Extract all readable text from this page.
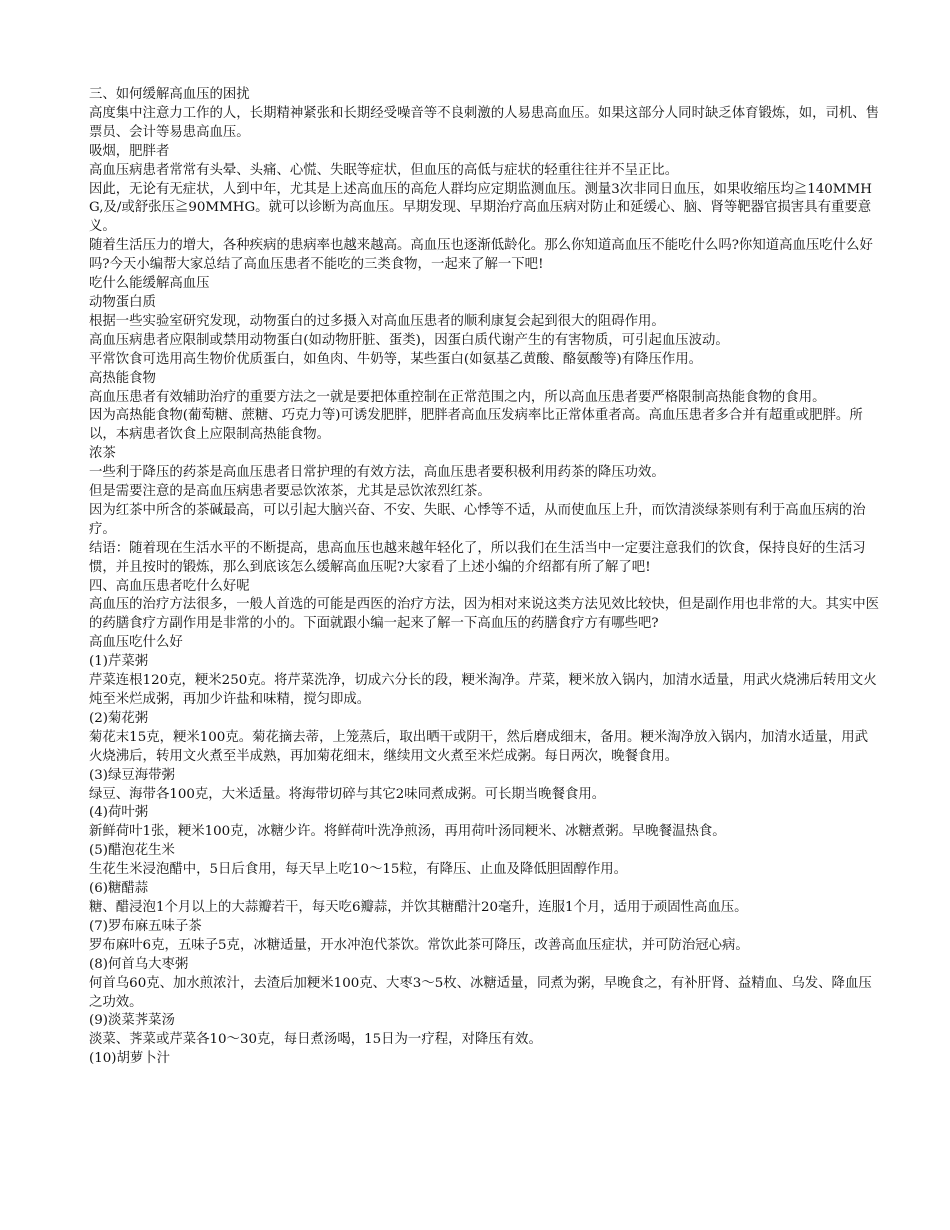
三、如何缓解高血压的困扰

高度集中注意力工作的人，长期精神紧张和长期经受噪音等不良刺激的人易患高血压。如果这部分人同时缺乏体育锻炼，如，司机、售票员、会计等易患高血压。

吸烟，肥胖者

高血压病患者常常有头晕、头痛、心慌、失眠等症状，但血压的高低与症状的轻重往往并不呈正比。

因此，无论有无症状，人到中年，尤其是上述高血压的高危人群均应定期监测血压。测量3次非同日血压，如果收缩压均≧140MMHG,及/或舒张压≧90MMHG。就可以诊断为高血压。早期发现、早期治疗高血压病对防止和延缓心、脑、肾等靶器官损害具有重要意义。

随着生活压力的增大，各种疾病的患病率也越来越高。高血压也逐渐低龄化。那么你知道高血压不能吃什么吗?你知道高血压吃什么好吗?今天小编帮大家总结了高血压患者不能吃的三类食物，一起来了解一下吧!

吃什么能缓解高血压

动物蛋白质

根据一些实验室研究发现，动物蛋白的过多摄入对高血压患者的顺利康复会起到很大的阻碍作用。

高血压病患者应限制或禁用动物蛋白(如动物肝脏、蛋类)，因蛋白质代谢产生的有害物质，可引起血压波动。

平常饮食可选用高生物价优质蛋白，如鱼肉、牛奶等，某些蛋白(如氨基乙黄酸、酪氨酸等)有降压作用。

高热能食物

高血压患者有效辅助治疗的重要方法之一就是要把体重控制在正常范围之内，所以高血压患者要严格限制高热能食物的食用。

因为高热能食物(葡萄糖、蔗糖、巧克力等)可诱发肥胖，肥胖者高血压发病率比正常体重者高。高血压患者多合并有超重或肥胖。所以，本病患者饮食上应限制高热能食物。

浓茶

一些利于降压的药茶是高血压患者日常护理的有效方法，高血压患者要积极利用药茶的降压功效。

但是需要注意的是高血压病患者要忌饮浓茶，尤其是忌饮浓烈红茶。

因为红茶中所含的茶碱最高，可以引起大脑兴奋、不安、失眠、心悸等不适，从而使血压上升，而饮清淡绿茶则有利于高血压病的治疗。

结语：随着现在生活水平的不断提高，患高血压也越来越年轻化了，所以我们在生活当中一定要注意我们的饮食，保持良好的生活习惯，并且按时的锻炼，那么到底该怎么缓解高血压呢?大家看了上述小编的介绍都有所了解了吧!

四、高血压患者吃什么好呢

高血压的治疗方法很多，一般人首选的可能是西医的治疗方法，因为相对来说这类方法见效比较快，但是副作用也非常的大。其实中医的药膳食疗方副作用是非常的小的。下面就跟小编一起来了解一下高血压的药膳食疗方有哪些吧?

高血压吃什么好

(1)芹菜粥

芹菜连根120克，粳米250克。将芹菜洗净，切成六分长的段，粳米淘净。芹菜，粳米放入锅内，加清水适量，用武火烧沸后转用文火炖至米烂成粥，再加少许盐和味精，搅匀即成。

(2)菊花粥

菊花末15克，粳米100克。菊花摘去蒂，上笼蒸后，取出晒干或阴干，然后磨成细末，备用。粳米淘净放入锅内，加清水适量，用武火烧沸后，转用文火煮至半成熟，再加菊花细末，继续用文火煮至米烂成粥。每日两次，晚餐食用。

(3)绿豆海带粥

绿豆、海带各100克，大米适量。将海带切碎与其它2味同煮成粥。可长期当晚餐食用。

(4)荷叶粥

新鲜荷叶1张，粳米100克，冰糖少许。将鲜荷叶洗净煎汤，再用荷叶汤同粳米、冰糖煮粥。早晚餐温热食。

(5)醋泡花生米

生花生米浸泡醋中，5日后食用，每天早上吃10～15粒，有降压、止血及降低胆固醇作用。

(6)糖醋蒜

糖、醋浸泡1个月以上的大蒜瓣若干，每天吃6瓣蒜，并饮其糖醋汁20毫升，连服1个月，适用于顽固性高血压。

(7)罗布麻五味子茶

罗布麻叶6克，五味子5克，冰糖适量，开水冲泡代茶饮。常饮此茶可降压，改善高血压症状，并可防治冠心病。

(8)何首乌大枣粥

何首乌60克、加水煎浓汁，去渣后加粳米100克、大枣3～5枚、冰糖适量，同煮为粥，早晚食之，有补肝肾、益精血、乌发、降血压之功效。

(9)淡菜荠菜汤

淡菜、荠菜或芹菜各10～30克，每日煮汤喝，15日为一疗程，对降压有效。

(10)胡萝卜汁
